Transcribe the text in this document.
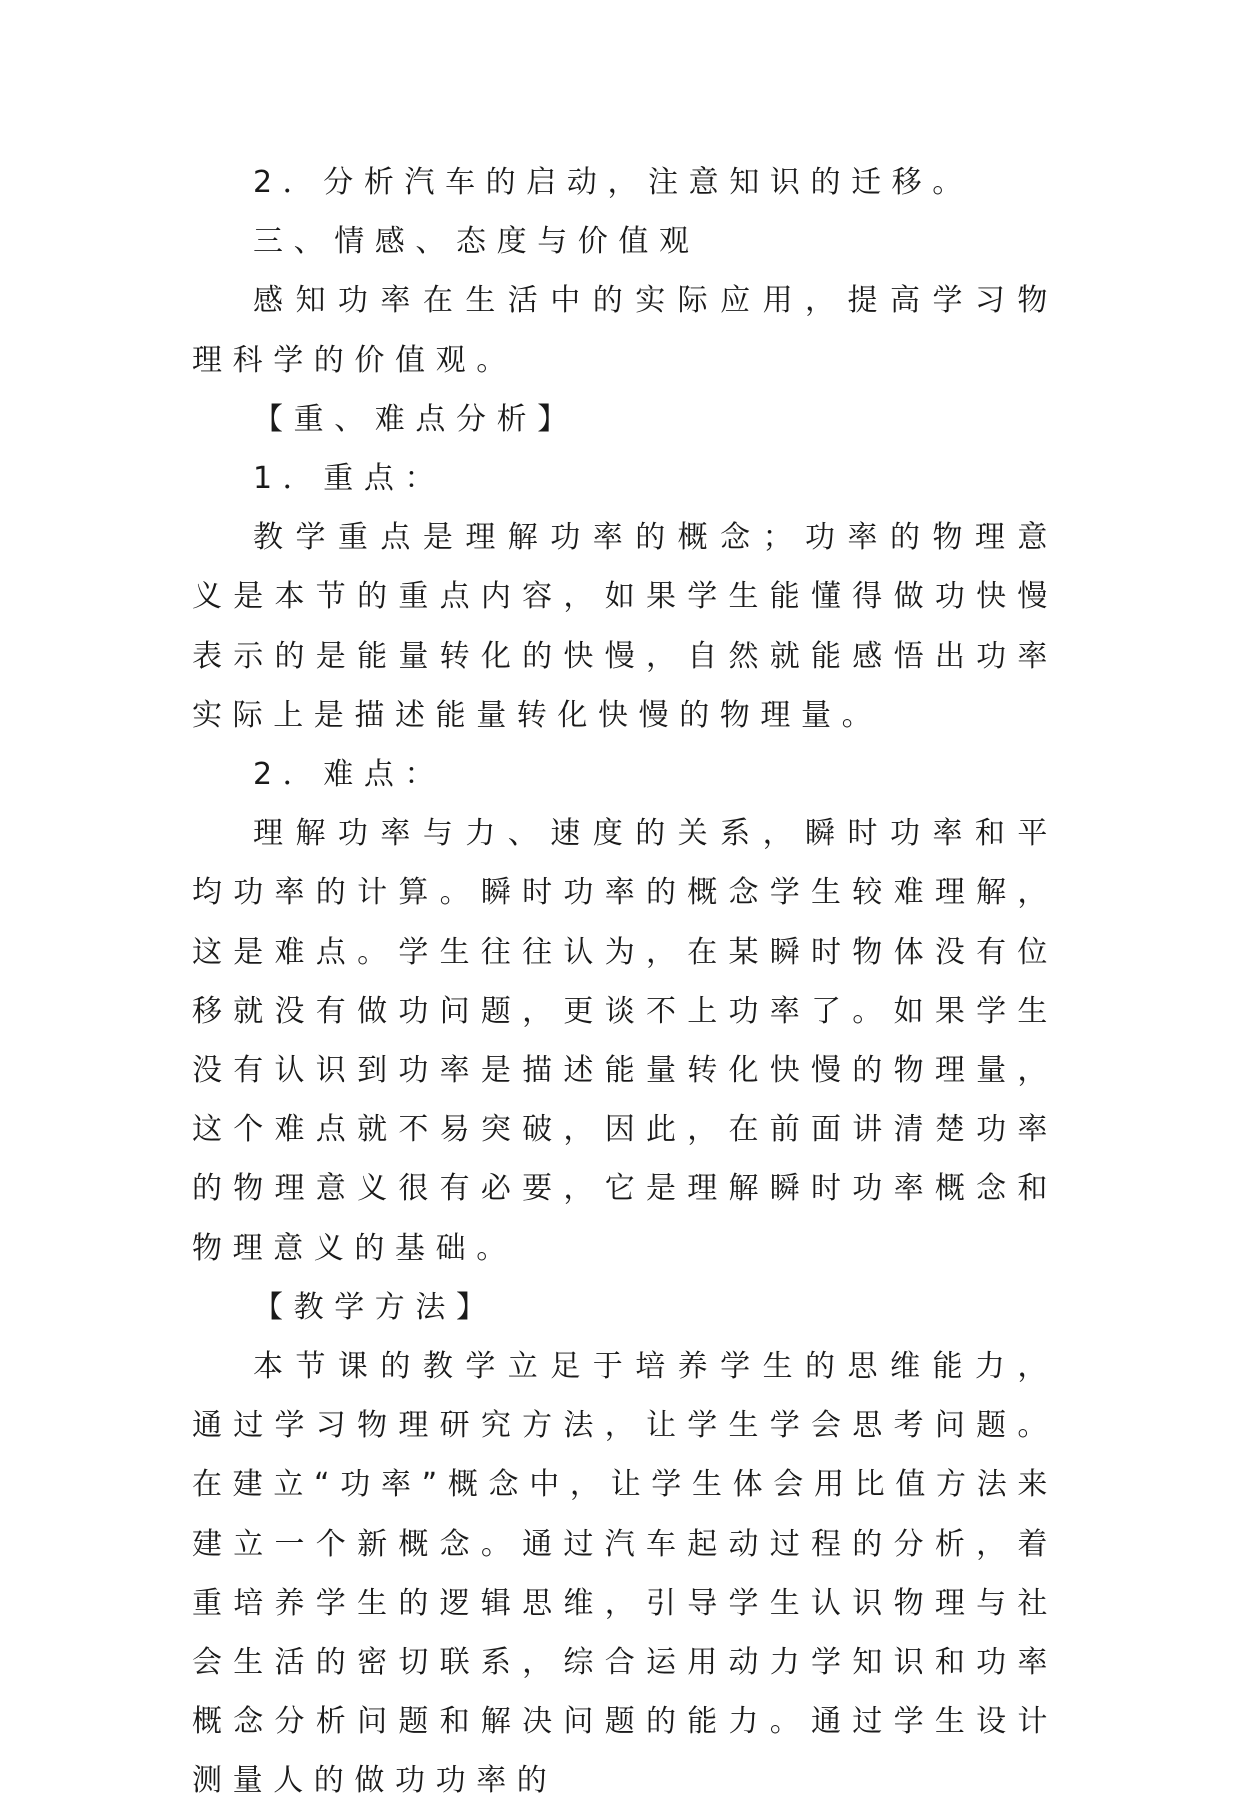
2．分析汽车的启动，注意知识的迁移。

三、情感、态度与价值观

感知功率在生活中的实际应用，提高学习物理科学的价值观。

【重、难点分析】

1．重点：

教学重点是理解功率的概念；功率的物理意义是本节的重点内容，如果学生能懂得做功快慢表示的是能量转化的快慢，自然就能感悟出功率实际上是描述能量转化快慢的物理量。

2．难点：

理解功率与力、速度的关系，瞬时功率和平均功率的计算。瞬时功率的概念学生较难理解，这是难点。学生往往认为，在某瞬时物体没有位移就没有做功问题，更谈不上功率了。如果学生没有认识到功率是描述能量转化快慢的物理量，这个难点就不易突破，因此，在前面讲清楚功率的物理意义很有必要，它是理解瞬时功率概念和物理意义的基础。

【教学方法】

本节课的教学立足于培养学生的思维能力，通过学习物理研究方法，让学生学会思考问题。在建立“功率”概念中，让学生体会用比值方法来建立一个新概念。通过汽车起动过程的分析，着重培养学生的逻辑思维，引导学生认识物理与社会生活的密切联系，综合运用动力学知识和功率概念分析问题和解决问题的能力。通过学生设计测量人的做功功率的
